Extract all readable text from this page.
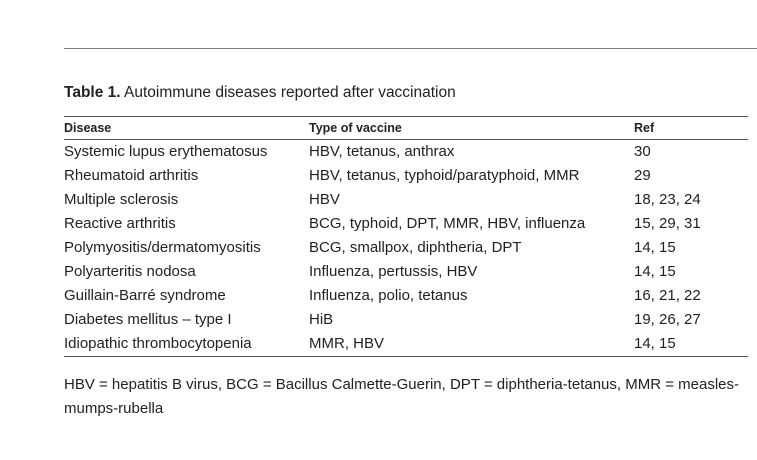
Table 1. Autoimmune diseases reported after vaccination
Disease	Type of vaccine	Ref
Systemic lupus erythematosus	HBV, tetanus, anthrax	30
Rheumatoid arthritis	HBV, tetanus, typhoid/paratyphoid, MMR	29
Multiple sclerosis	HBV	18, 23, 24
Reactive arthritis	BCG, typhoid, DPT, MMR, HBV, influenza	15, 29, 31
Polymyositis/dermatomyositis	BCG, smallpox, diphtheria, DPT	14, 15
Polyarteritis nodosa	Influenza, pertussis, HBV	14, 15
Guillain-Barré syndrome	Influenza, polio, tetanus	16, 21, 22
Diabetes mellitus – type I	HiB	19, 26, 27
Idiopathic thrombocytopenia	MMR, HBV	14, 15
HBV = hepatitis B virus, BCG = Bacillus Calmette-Guerin, DPT = diphtheria-tetanus, MMR = measles-mumps-rubella
